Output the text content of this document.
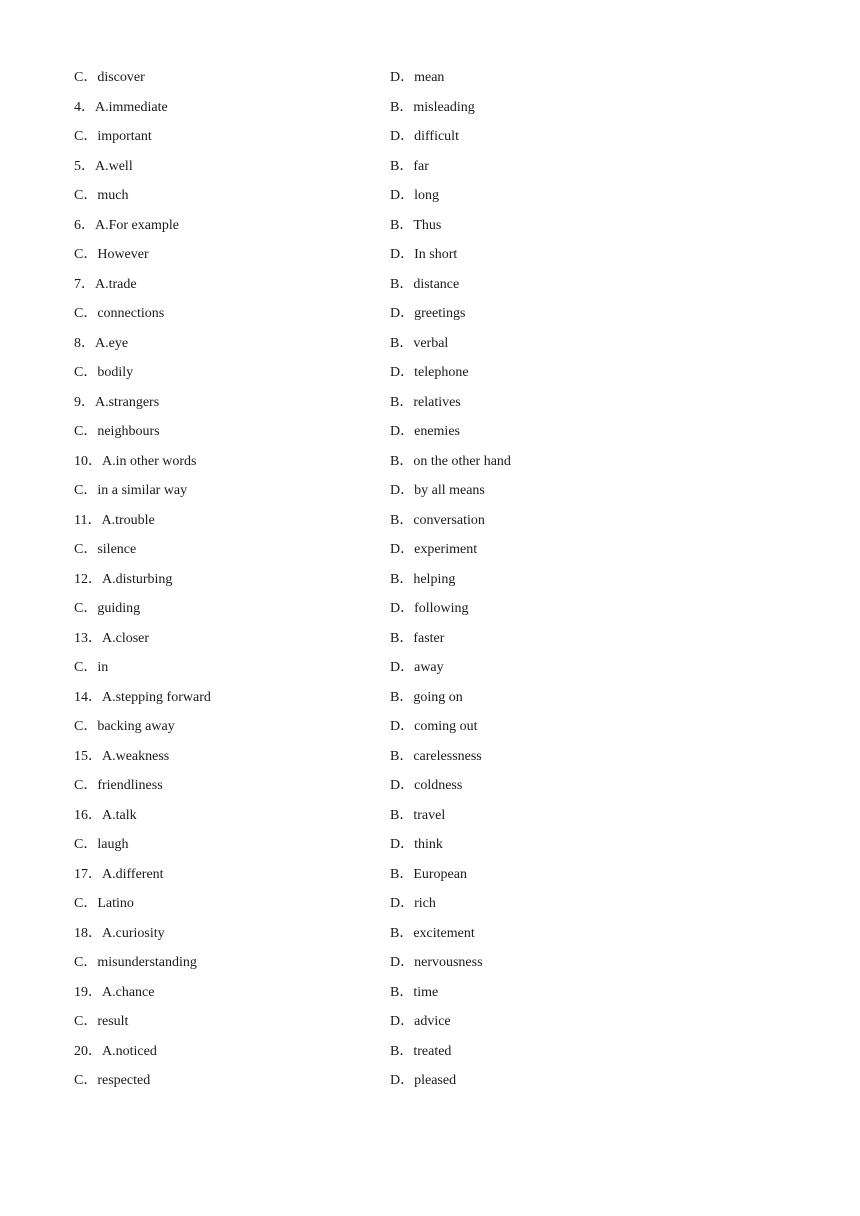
C．discover	D．mean
4．A.immediate	B．misleading
C．important	D．difficult
5．A.well	B．far
C．much	D．long
6．A.For example	B．Thus
C．However	D．In short
7．A.trade	B．distance
C．connections	D．greetings
8．A.eye	B．verbal
C．bodily	D．telephone
9．A.strangers	B．relatives
C．neighbours	D．enemies
10．A.in other words	B．on the other hand
C．in a similar way	D．by all means
11．A.trouble	B．conversation
C．silence	D．experiment
12．A.disturbing	B．helping
C．guiding	D．following
13．A.closer	B．faster
C．in	D．away
14．A.stepping forward	B．going on
C．backing away	D．coming out
15．A.weakness	B．carelessness
C．friendliness	D．coldness
16．A.talk	B．travel
C．laugh	D．think
17．A.different	B．European
C．Latino	D．rich
18．A.curiosity	B．excitement
C．misunderstanding	D．nervousness
19．A.chance	B．time
C．result	D．advice
20．A.noticed	B．treated
C．respected	D．pleased
